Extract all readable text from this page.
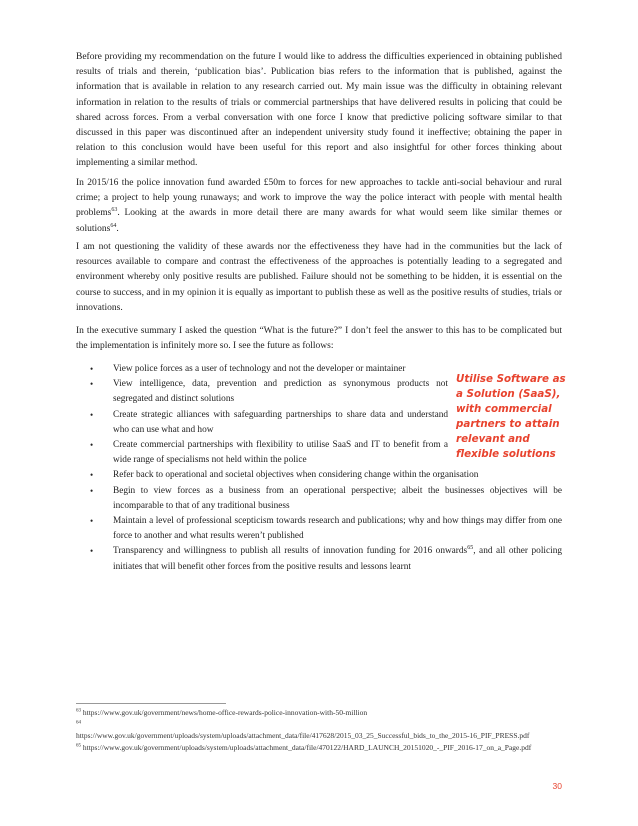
Before providing my recommendation on the future I would like to address the difficulties experienced in obtaining published results of trials and therein, ‘publication bias’. Publication bias refers to the information that is published, against the information that is available in relation to any research carried out. My main issue was the difficulty in obtaining relevant information in relation to the results of trials or commercial partnerships that have delivered results in policing that could be shared across forces. From a verbal conversation with one force I know that predictive policing software similar to that discussed in this paper was discontinued after an independent university study found it ineffective; obtaining the paper in relation to this conclusion would have been useful for this report and also insightful for other forces thinking about implementing a similar method.

In 2015/16 the police innovation fund awarded £50m to forces for new approaches to tackle anti-social behaviour and rural crime; a project to help young runaways; and work to improve the way the police interact with people with mental health problems$^{63}$. Looking at the awards in more detail there are many awards for what would seem like similar themes or solutions$^{64}$.

I am not questioning the validity of these awards nor the effectiveness they have had in the communities but the lack of resources available to compare and contrast the effectiveness of the approaches is potentially leading to a segregated and environment whereby only positive results are published. Failure should not be something to be hidden, it is essential on the course to success, and in my opinion it is equally as important to publish these as well as the positive results of studies, trials or innovations.

In the executive summary I asked the question “What is the future?” I don’t feel the answer to this has to be complicated but the implementation is infinitely more so. I see the future as follows:

• View police forces as a user of technology and not the developer or maintainer
• View intelligence, data, prevention and prediction as synonymous products not segregated and distinct solutions
• Create strategic alliances with safeguarding partnerships to share data and understand who can use what and how
• Create commercial partnerships with flexibility to utilise SaaS and IT to benefit from a wide range of specialisms not held within the police
• Refer back to operational and societal objectives when considering change within the organisation
• Begin to view forces as a business from an operational perspective; albeit the businesses objectives will be incomparable to that of any traditional business
• Maintain a level of professional scepticism towards research and publications; why and how things may differ from one force to another and what results weren’t published
• Transparency and willingness to publish all results of innovation funding for 2016 onwards$^{65}$, and all other policing initiates that will benefit other forces from the positive results and lessons learnt
Utilise Software as a Solution (SaaS), with commercial partners to attain relevant and flexible solutions
$^{63}$ https://www.gov.uk/government/news/home-office-rewards-police-innovation-with-50-million
$^{64}$
https://www.gov.uk/government/uploads/system/uploads/attachment_data/file/417628/2015_03_25_Successful_bids_to_the_2015-16_PIF_PRESS.pdf
$^{65}$ https://www.gov.uk/government/uploads/system/uploads/attachment_data/file/470122/HARD_LAUNCH_20151020_-_PIF_2016-17_on_a_Page.pdf
30
